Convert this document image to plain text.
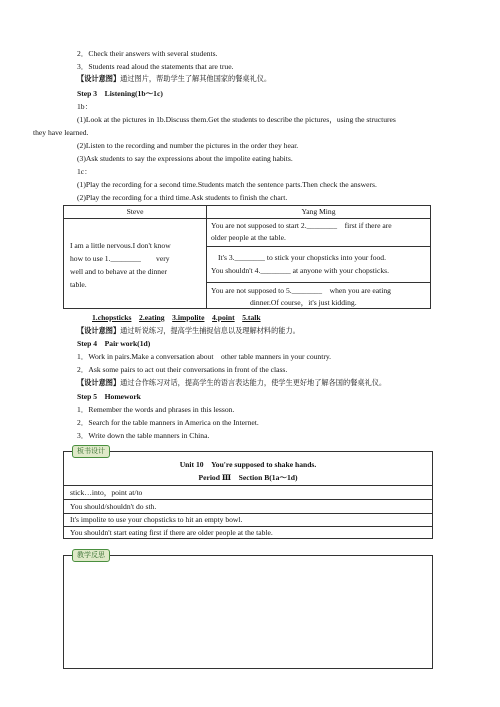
2．Check their answers with several students.
3．Students read aloud the statements that are true.
【设计意图】通过图片，帮助学生了解其他国家的餐桌礼仪。
Step 3　Listening(1b～1c)
1b：
(1)Look at the pictures in 1b.Discuss them.Get the students to describe the pictures，using the structures
they have learned.
(2)Listen to the recording and number the pictures in the order they hear.
(3)Ask students to say the expressions about the impolite eating habits.
1c：
(1)Play the recording for a second time.Students match the sentence parts.Then check the answers.
(2)Play the recording for a third time.Ask students to finish the chart.
Steve	Yang Ming
I am a little nervous.I don't know
how to use 1.________　　very
well and to behave at the dinner
table.
You are not supposed to start 2.________　first if there are
older people at the table.
It's 3.________ to stick your chopsticks into your food.
You shouldn't 4.________ at anyone with your chopsticks.
You are not supposed to 5.________　when you are eating
dinner.Of course，it's just kidding.
1.chopsticks　 2.eating　 3.impolite　 4.point　 5.talk
【设计意图】通过听说练习，提高学生捕捉信息以及理解材料的能力。
Step 4　Pair work(1d)
1．Work in pairs.Make a conversation about　other table manners in your country.
2．Ask some pairs to act out their conversations in front of the class.
【设计意图】通过合作练习对话，提高学生的语言表达能力，使学生更好地了解各国的餐桌礼仪。
Step 5　Homework
1．Remember the words and phrases in this lesson.
2．Search for the table manners in America on the Internet.
3．Write down the table manners in China.
Unit 10　You're supposed to shake hands.
Period Ⅲ　Section B(1a～1d)
stick…into，point at/to
You should/shouldn't do sth.
It's impolite to use your chopsticks to hit an empty bowl.
You shouldn't start eating first if there are older people at the table.
板书设计
教学反思
